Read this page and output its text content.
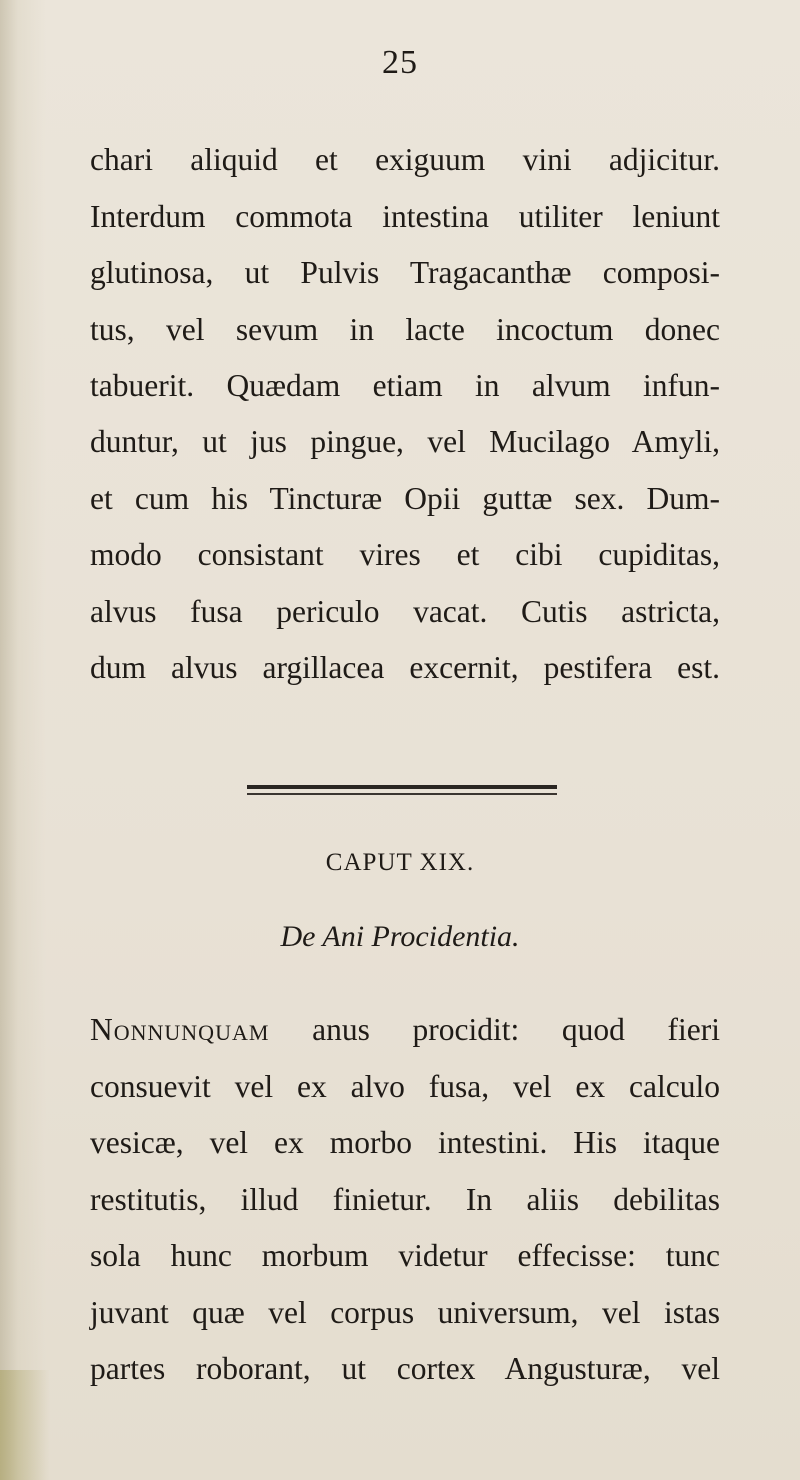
25
chari aliquid et exiguum vini adjicitur.
Interdum commota intestina utiliter leniunt
glutinosa, ut Pulvis Tragacanthæ composi-
tus, vel sevum in lacte incoctum donec
tabuerit. Quædam etiam in alvum infun-
duntur, ut jus pingue, vel Mucilago Amyli,
et cum his Tincturæ Opii guttæ sex. Dum-
modo consistant vires et cibi cupiditas,
alvus fusa periculo vacat. Cutis astricta,
dum alvus argillacea excernit, pestifera est.
CAPUT XIX.
De Ani Procidentia.
Nonnunquam anus procidit: quod fieri
consuevit vel ex alvo fusa, vel ex calculo
vesicæ, vel ex morbo intestini. His itaque
restitutis, illud finietur. In aliis debilitas
sola hunc morbum videtur effecisse: tunc
juvant quæ vel corpus universum, vel istas
partes roborant, ut cortex Angusturæ, vel
